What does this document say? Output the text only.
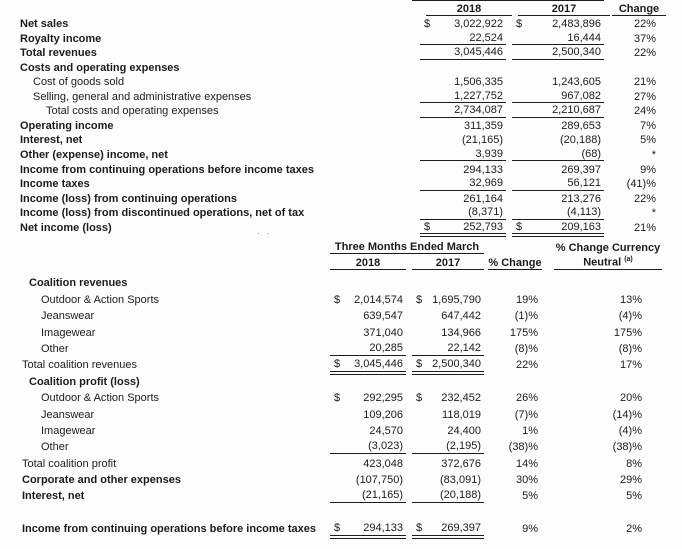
2018	2017	Change
Net sales	$ 3,022,922 $	2,483,896	22%
Royalty income	22,524	16,444	37%
Total revenues	3,045,446	2,500,340	22%
Costs and operating expenses
Cost of goods sold	1,506,335	1,243,605	21%
Selling, general and administrative expenses	1,227,752	967,082	27%
Total costs and operating expenses	2,734,087	2,210,687	24%
Operating income	311,359	289,653	7%
Interest, net	(21,165)	(20,188)	5%
Other (expense) income, net	3,939	(68)	*
Income from continuing operations before income taxes	294,133	269,397	9%
Income taxes	32,969	56,121	(41)%
Income (loss) from continuing operations	261,164	213,276	22%
Income (loss) from discontinued operations, net of tax	(8,371)	(4,113)	*
Net income (loss)	$	252,793 $	209,163	21%
· ·
Three Months Ended March	% Change Currency
2018	2017	% Change	Neutral $^{(a)}$
Coalition revenues
Outdoor & Action Sports	$ 2,014,574 $ 1,695,790	19%	13%
Jeanswear	639,547	647,442	(1)%	(4)%
Imagewear	371,040	134,966	175%	175%
Other	20,285	22,142	(8)%	(8)%
Total coalition revenues	$ 3,045,446 $ 2,500,340	22%	17%
Coalition profit (loss)
Outdoor & Action Sports	$ 292,295 $ 232,452	26%	20%
Jeanswear	109,206	118,019	(7)%	(14)%
Imagewear	24,570	24,400	1%	(4)%
Other	(3,023)	(2,195)	(38)%	(38)%
Total coalition profit	423,048	372,676	14%	8%
Corporate and other expenses	(107,750)	(83,091)	30%	29%
Interest, net	(21,165)	(20,188)	5%	5%
Income from continuing operations before income taxes	$ 294,133 $ 269,397	9%	2%
